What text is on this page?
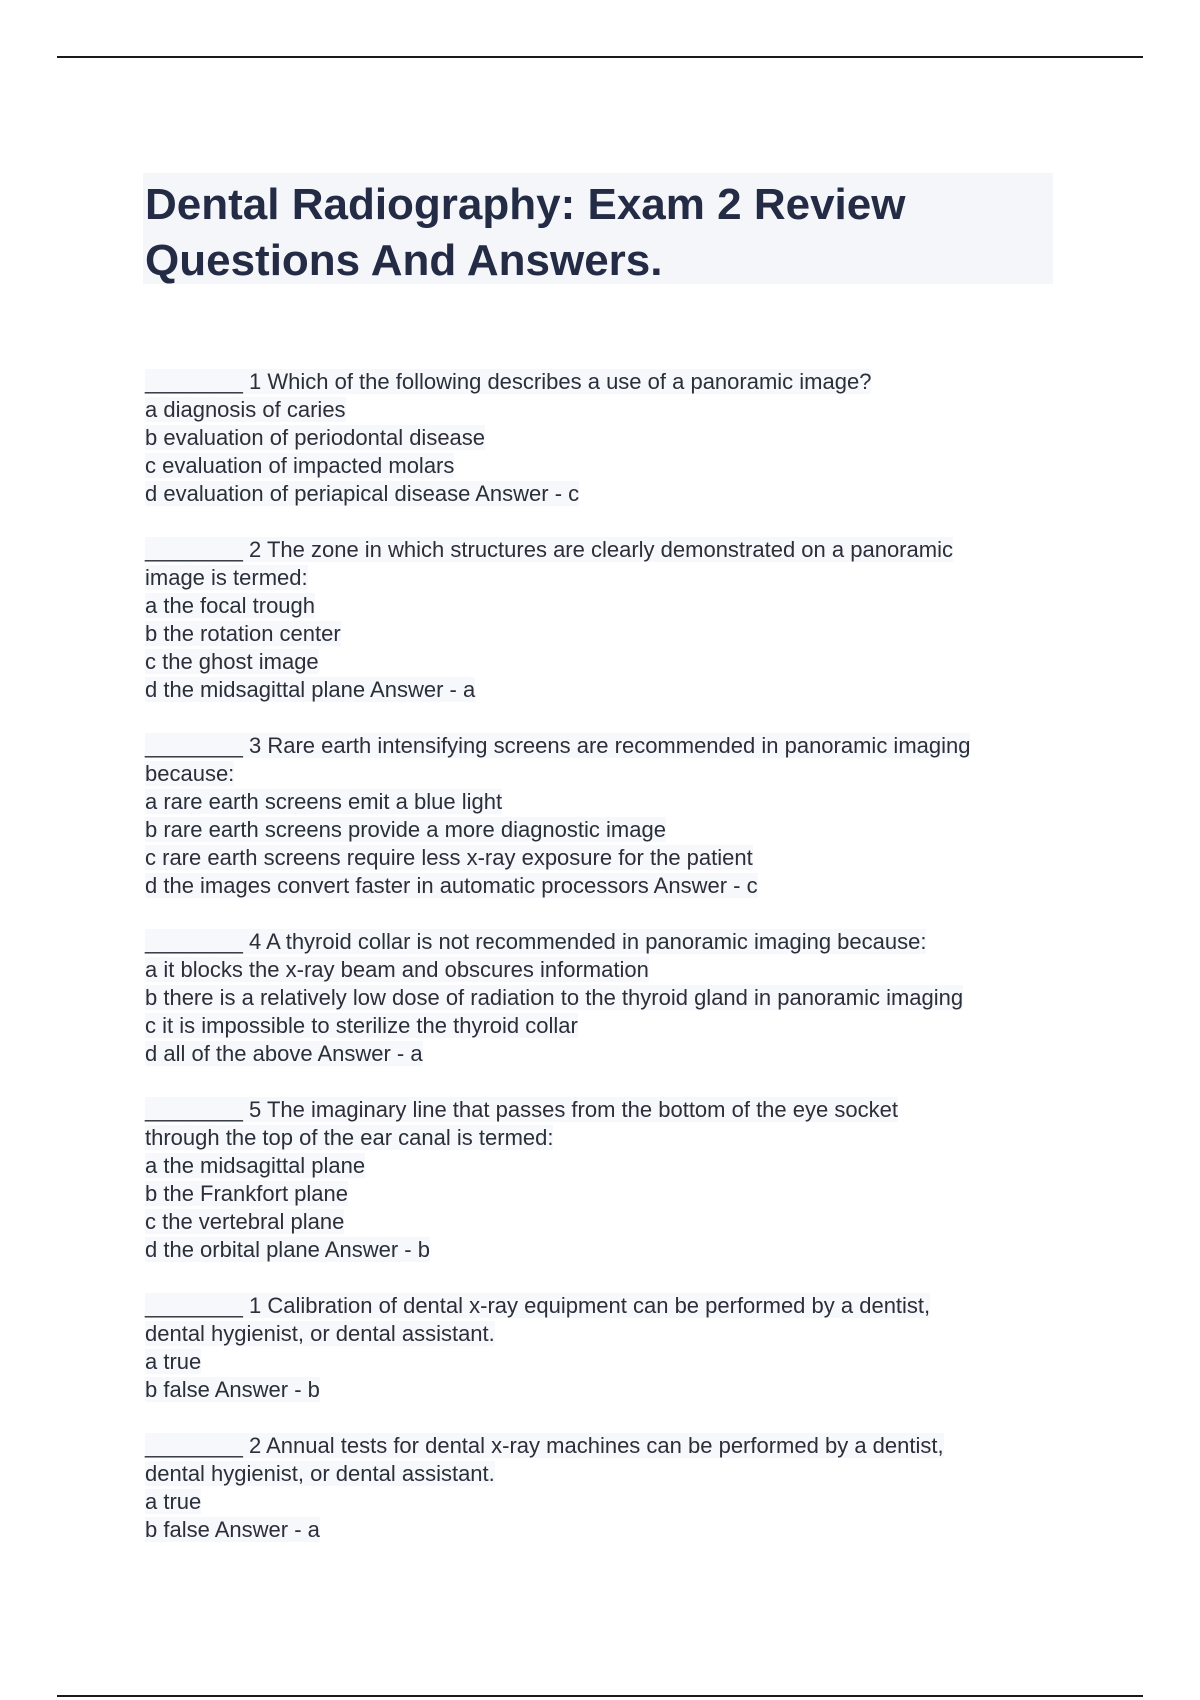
Dental Radiography: Exam 2 Review
Questions And Answers.
________ 1 Which of the following describes a use of a panoramic image?
a diagnosis of caries
b evaluation of periodontal disease
c evaluation of impacted molars
d evaluation of periapical disease Answer - c
________ 2 The zone in which structures are clearly demonstrated on a panoramic
image is termed:
a the focal trough
b the rotation center
c the ghost image
d the midsagittal plane Answer - a
________ 3 Rare earth intensifying screens are recommended in panoramic imaging
because:
a rare earth screens emit a blue light
b rare earth screens provide a more diagnostic image
c rare earth screens require less x-ray exposure for the patient
d the images convert faster in automatic processors Answer - c
________ 4 A thyroid collar is not recommended in panoramic imaging because:
a it blocks the x-ray beam and obscures information
b there is a relatively low dose of radiation to the thyroid gland in panoramic imaging
c it is impossible to sterilize the thyroid collar
d all of the above Answer - a
________ 5 The imaginary line that passes from the bottom of the eye socket
through the top of the ear canal is termed:
a the midsagittal plane
b the Frankfort plane
c the vertebral plane
d the orbital plane Answer - b
________ 1 Calibration of dental x-ray equipment can be performed by a dentist,
dental hygienist, or dental assistant.
a true
b false Answer - b
________ 2 Annual tests for dental x-ray machines can be performed by a dentist,
dental hygienist, or dental assistant.
a true
b false Answer - a
